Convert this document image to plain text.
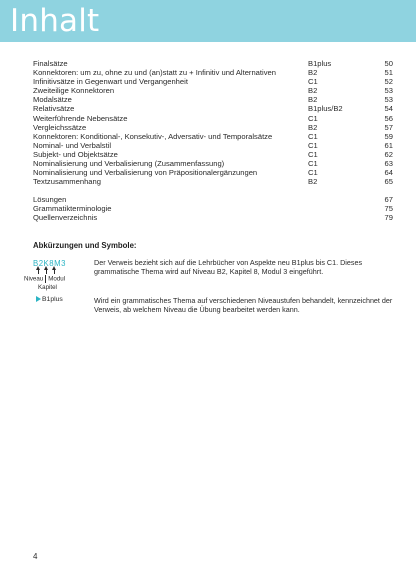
Inhalt
Finalsätze	B1plus	50
Konnektoren: um zu, ohne zu und (an)statt zu + Infinitiv und Alternativen	B2	51
Infinitivsätze in Gegenwart und Vergangenheit	C1	52
Zweiteilige Konnektoren	B2	53
Modalsätze	B2	53
Relativsätze	B1plus/B2	54
Weiterführende Nebensätze	C1	56
Vergleichssätze	B2	57
Konnektoren: Konditional-, Konsekutiv-, Adversativ- und Temporalsätze	C1	59
Nominal- und Verbalstil	C1	61
Subjekt- und Objektsätze	C1	62
Nominalisierung und Verbalisierung (Zusammenfassung)	C1	63
Nominalisierung und Verbalisierung von Präpositionalergänzungen	C1	64
Textzusammenhang	B2	65
Lösungen	67
Grammatikterminologie	75
Quellenverzeichnis	79
Abkürzungen und Symbole:
B2K8M3
Niveau Modul
Kapitel
Der Verweis bezieht sich auf die Lehrbücher von Aspekte neu B1plus bis C1. Dieses grammatische Thema wird auf Niveau B2, Kapitel 8, Modul 3 eingeführt.
B1plus	Wird ein grammatisches Thema auf verschiedenen Niveaustufen behandelt, kennzeichnet der Verweis, ab welchem Niveau die Übung bearbeitet werden kann.
4
